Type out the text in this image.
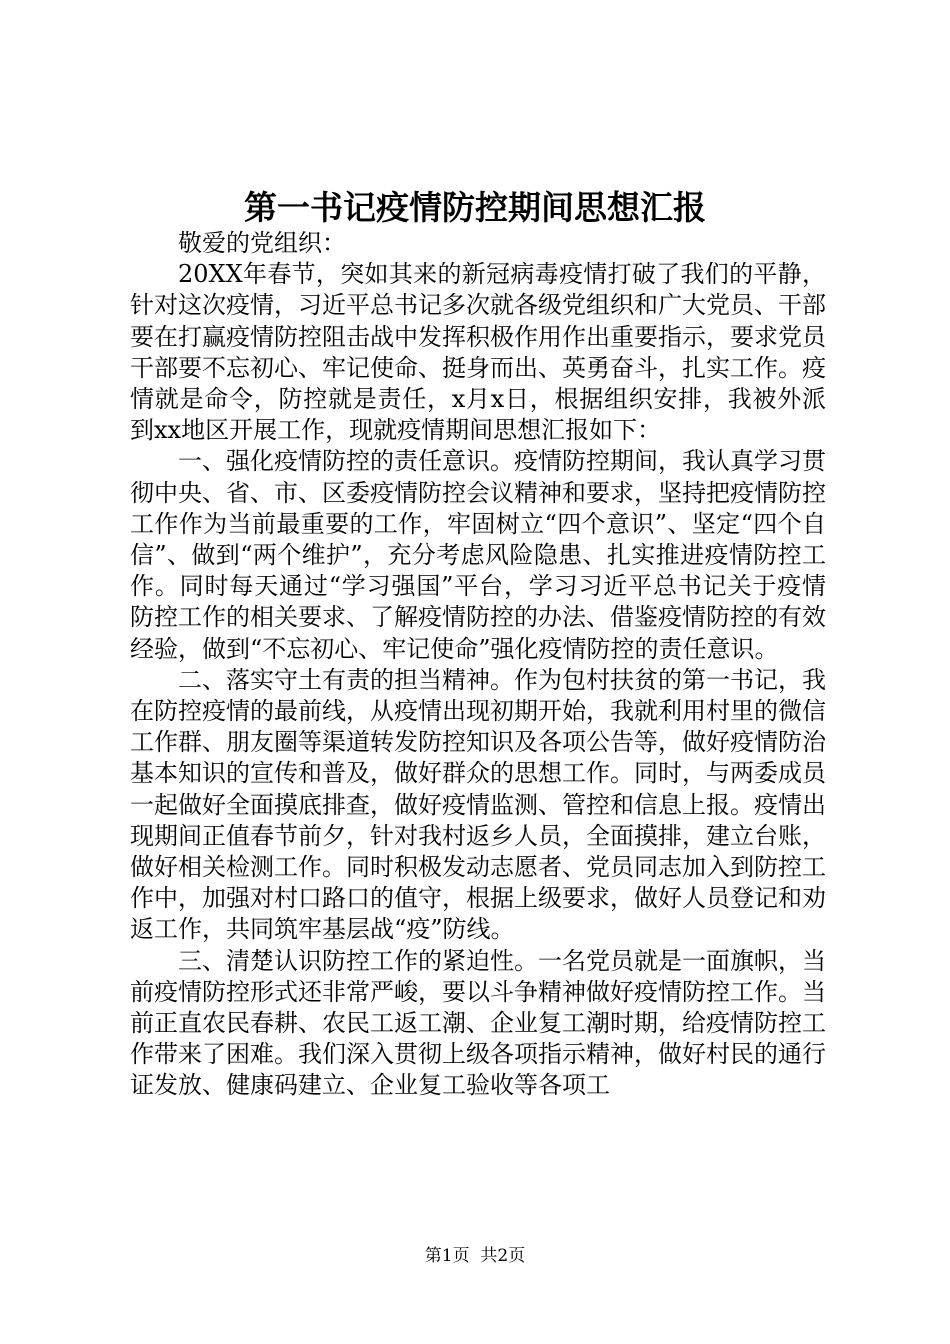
第一书记疫情防控期间思想汇报

敬爱的党组织：

20XX年春节，突如其来的新冠病毒疫情打破了我们的平静，针对这次疫情，习近平总书记多次就各级党组织和广大党员、干部要在打赢疫情防控阻击战中发挥积极作用作出重要指示，要求党员干部要不忘初心、牢记使命、挺身而出、英勇奋斗，扎实工作。疫情就是命令，防控就是责任，x月x日，根据组织安排，我被外派到xx地区开展工作，现就疫情期间思想汇报如下：

一、强化疫情防控的责任意识。疫情防控期间，我认真学习贯彻中央、省、市、区委疫情防控会议精神和要求，坚持把疫情防控工作作为当前最重要的工作，牢固树立“四个意识”、坚定“四个自信”、做到“两个维护”，充分考虑风险隐患、扎实推进疫情防控工作。同时每天通过“学习强国”平台，学习习近平总书记关于疫情防控工作的相关要求、了解疫情防控的办法、借鉴疫情防控的有效经验，做到“不忘初心、牢记使命”强化疫情防控的责任意识。

二、落实守土有责的担当精神。作为包村扶贫的第一书记，我在防控疫情的最前线，从疫情出现初期开始，我就利用村里的微信工作群、朋友圈等渠道转发防控知识及各项公告等，做好疫情防治基本知识的宣传和普及，做好群众的思想工作。同时，与两委成员一起做好全面摸底排查，做好疫情监测、管控和信息上报。疫情出现期间正值春节前夕，针对我村返乡人员，全面摸排，建立台账，做好相关检测工作。同时积极发动志愿者、党员同志加入到防控工作中，加强对村口路口的值守，根据上级要求，做好人员登记和劝返工作，共同筑牢基层战“疫”防线。

三、清楚认识防控工作的紧迫性。一名党员就是一面旗帜，当前疫情防控形式还非常严峻，要以斗争精神做好疫情防控工作。当前正直农民春耕、农民工返工潮、企业复工潮时期，给疫情防控工作带来了困难。我们深入贯彻上级各项指示精神，做好村民的通行证发放、健康码建立、企业复工验收等各项工

第1页  共2页
